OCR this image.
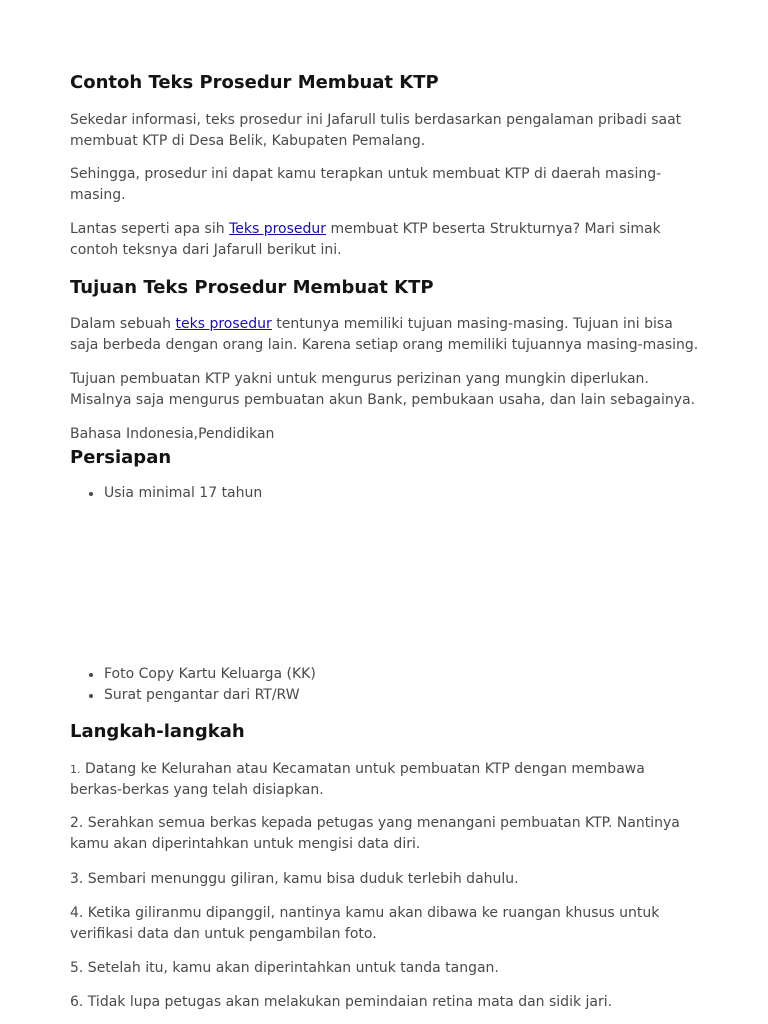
Contoh Teks Prosedur Membuat KTP

Sekedar informasi, teks prosedur ini Jafarull tulis berdasarkan pengalaman pribadi saat membuat KTP di Desa Belik, Kabupaten Pemalang.

Sehingga, prosedur ini dapat kamu terapkan untuk membuat KTP di daerah masing-masing.

Lantas seperti apa sih Teks prosedur membuat KTP beserta Strukturnya? Mari simak contoh teksnya dari Jafarull berikut ini.

Tujuan Teks Prosedur Membuat KTP

Dalam sebuah teks prosedur tentunya memiliki tujuan masing-masing. Tujuan ini bisa saja berbeda dengan orang lain. Karena setiap orang memiliki tujuannya masing-masing.

Tujuan pembuatan KTP yakni untuk mengurus perizinan yang mungkin diperlukan. Misalnya saja mengurus pembuatan akun Bank, pembukaan usaha, dan lain sebagainya.

Bahasa Indonesia,Pendidikan

Persiapan
Usia minimal 17 tahun
Foto Copy Kartu Keluarga (KK)
Surat pengantar dari RT/RW
Langkah-langkah

1. Datang ke Kelurahan atau Kecamatan untuk pembuatan KTP dengan membawa berkas-berkas yang telah disiapkan.

2. Serahkan semua berkas kepada petugas yang menangani pembuatan KTP. Nantinya kamu akan diperintahkan untuk mengisi data diri.

3. Sembari menunggu giliran, kamu bisa duduk terlebih dahulu.

4. Ketika giliranmu dipanggil, nantinya kamu akan dibawa ke ruangan khusus untuk verifikasi data dan untuk pengambilan foto.

5. Setelah itu, kamu akan diperintahkan untuk tanda tangan.

6. Tidak lupa petugas akan melakukan pemindaian retina mata dan sidik jari.
